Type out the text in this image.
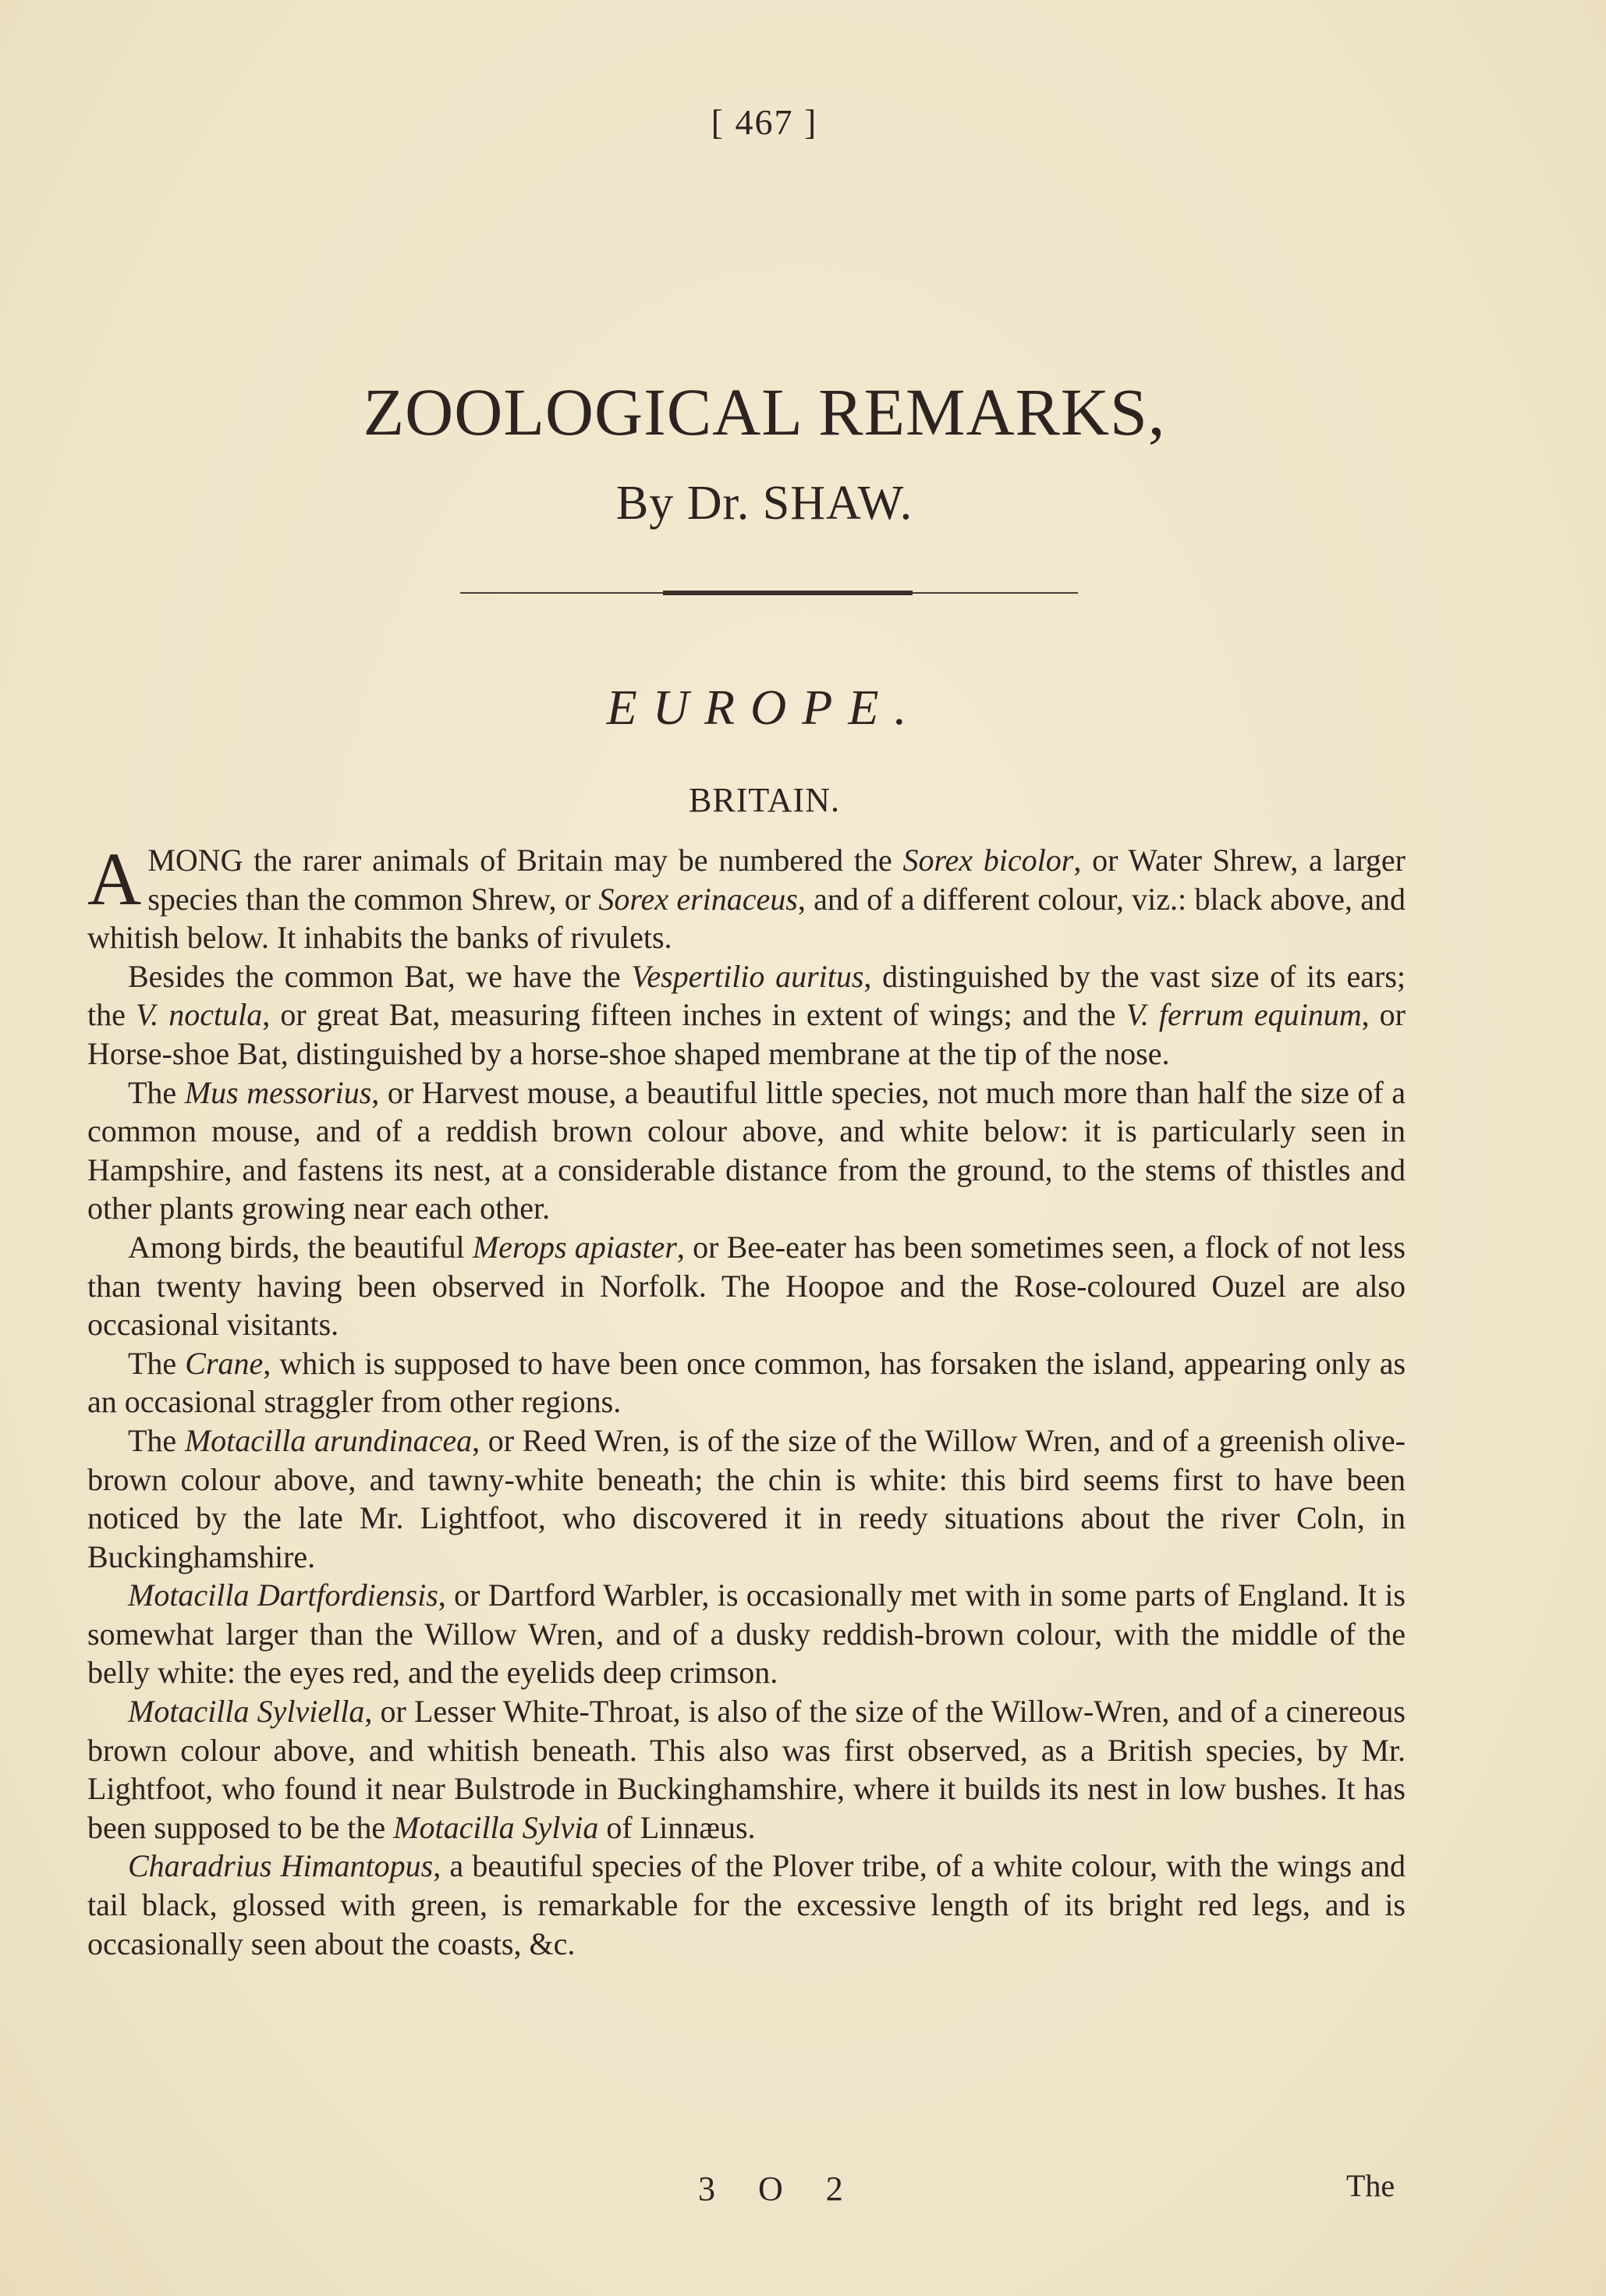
[ 467 ]
ZOOLOGICAL REMARKS,
By Dr. SHAW.
EUROPE.
BRITAIN.

AMONG the rarer animals of Britain may be numbered the Sorex bicolor, or Water Shrew, a larger species than the common Shrew, or Sorex erinaceus, and of a different colour, viz.: black above, and whitish below. It inhabits the banks of rivulets.

Besides the common Bat, we have the Vespertilio auritus, distinguished by the vast size of its ears; the V. noctula, or great Bat, measuring fifteen inches in extent of wings; and the V. ferrum equinum, or Horse-shoe Bat, distinguished by a horse-shoe shaped membrane at the tip of the nose.

The Mus messorius, or Harvest mouse, a beautiful little species, not much more than half the size of a common mouse, and of a reddish brown colour above, and white below: it is particularly seen in Hampshire, and fastens its nest, at a considerable distance from the ground, to the stems of thistles and other plants growing near each other.

Among birds, the beautiful Merops apiaster, or Bee-eater has been sometimes seen, a flock of not less than twenty having been observed in Norfolk. The Hoopoe and the Rose-coloured Ouzel are also occasional visitants.

The Crane, which is supposed to have been once common, has forsaken the island, appearing only as an occasional straggler from other regions.

The Motacilla arundinacea, or Reed Wren, is of the size of the Willow Wren, and of a greenish olive-brown colour above, and tawny-white beneath; the chin is white: this bird seems first to have been noticed by the late Mr. Lightfoot, who discovered it in reedy situations about the river Coln, in Buckinghamshire.

Motacilla Dartfordiensis, or Dartford Warbler, is occasionally met with in some parts of England. It is somewhat larger than the Willow Wren, and of a dusky reddish-brown colour, with the middle of the belly white: the eyes red, and the eyelids deep crimson.

Motacilla Sylviella, or Lesser White-Throat, is also of the size of the Willow-Wren, and of a cinereous brown colour above, and whitish beneath. This also was first observed, as a British species, by Mr. Lightfoot, who found it near Bulstrode in Buckinghamshire, where it builds its nest in low bushes. It has been supposed to be the Motacilla Sylvia of Linnæus.

Charadrius Himantopus, a beautiful species of the Plover tribe, of a white colour, with the wings and tail black, glossed with green, is remarkable for the excessive length of its bright red legs, and is occasionally seen about the coasts, &c.

3 O 2	The
